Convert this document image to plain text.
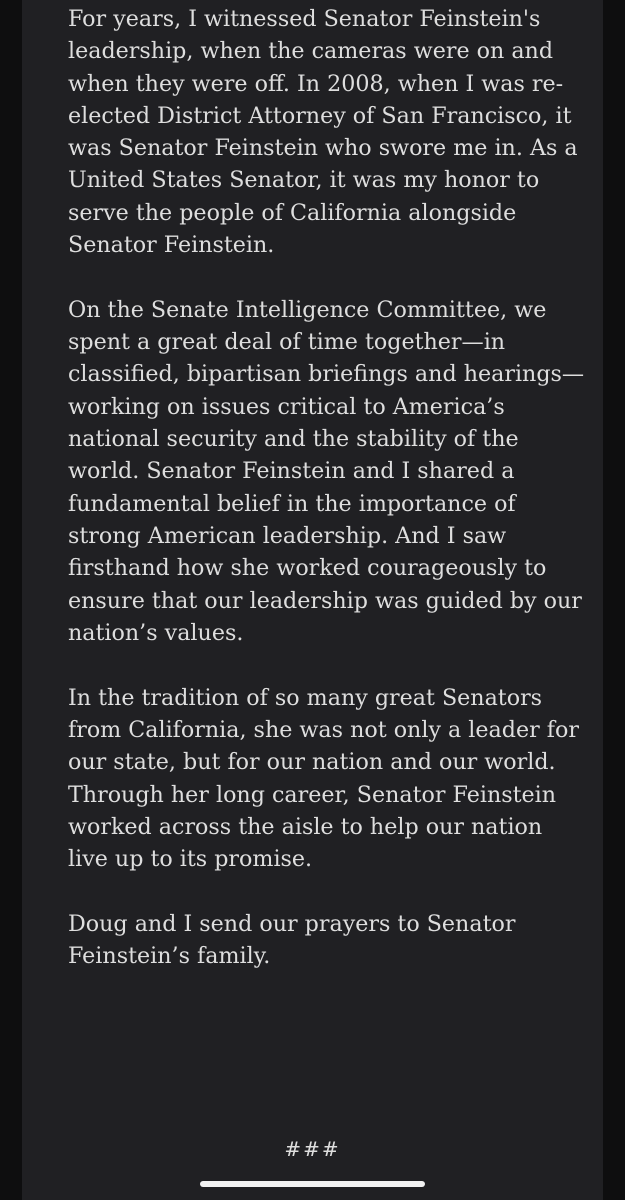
For years, I witnessed Senator Feinstein's
leadership, when the cameras were on and
when they were off. In 2008, when I was re-
elected District Attorney of San Francisco, it
was Senator Feinstein who swore me in. As a
United States Senator, it was my honor to
serve the people of California alongside
Senator Feinstein.

On the Senate Intelligence Committee, we
spent a great deal of time together—in
classified, bipartisan briefings and hearings—
working on issues critical to America’s
national security and the stability of the
world. Senator Feinstein and I shared a
fundamental belief in the importance of
strong American leadership. And I saw
firsthand how she worked courageously to
ensure that our leadership was guided by our
nation’s values.

In the tradition of so many great Senators
from California, she was not only a leader for
our state, but for our nation and our world.
Through her long career, Senator Feinstein
worked across the aisle to help our nation
live up to its promise.

Doug and I send our prayers to Senator
Feinstein’s family.

###
